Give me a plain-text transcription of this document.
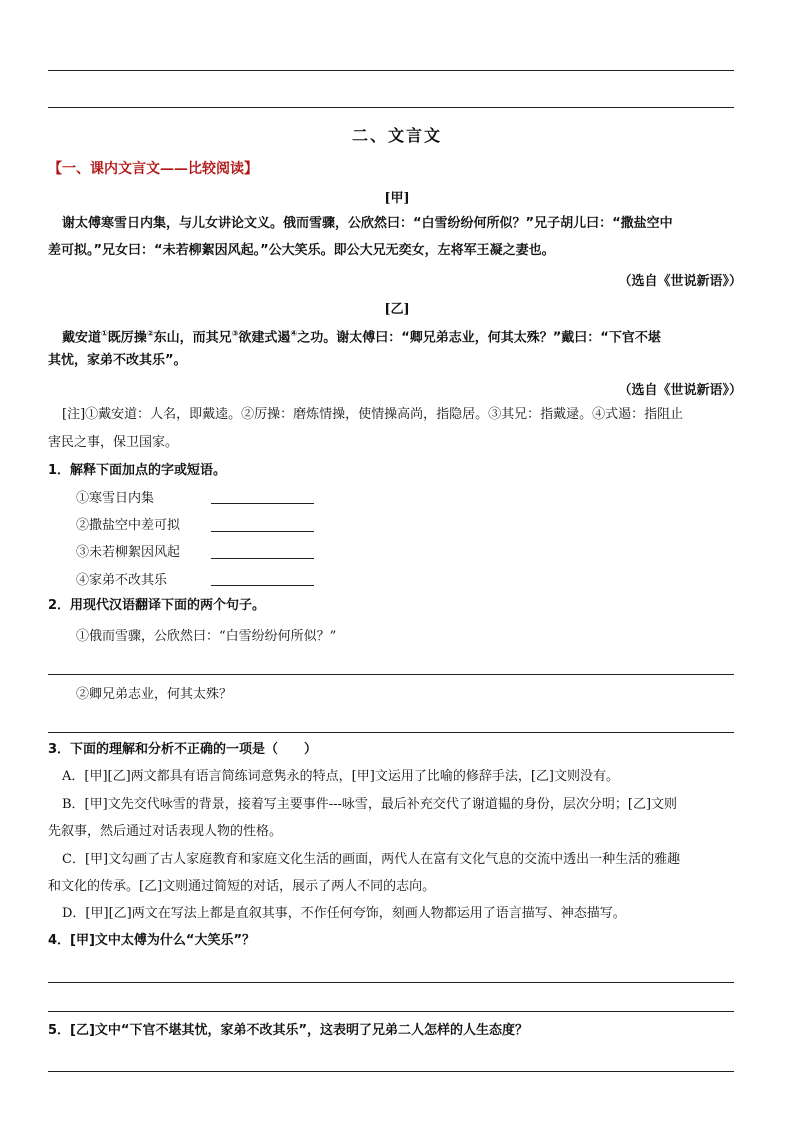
二、文言文
【一、课内文言文——比较阅读】
[甲]
谢太傅寒雪日内集，与儿女讲论文义。俄而雪骤，公欣然曰：“白雪纷纷何所似？”兄子胡儿曰：“撒盐空中
差可拟。”兄女曰：“未若柳絮因风起。”公大笑乐。即公大兄无奕女，左将军王凝之妻也。
（选自《世说新语》）
[乙]
戴安道①既厉操②东山，而其兄③欲建式遏④之功。谢太傅曰：“卿兄弟志业，何其太殊？”戴曰：“下官不堪
其忧，家弟不改其乐”。
（选自《世说新语》）
[注]①戴安道：人名，即戴逵。②厉操：磨炼情操，使情操高尚，指隐居。③其兄：指戴逯。④式遏：指阻止
害民之事，保卫国家。
1．解释下面加点的字或短语。
①寒雪日内集
②撒盐空中差可拟
③未若柳絮因风起
④家弟不改其乐
2．用现代汉语翻译下面的两个句子。
①俄而雪骤，公欣然曰：“白雪纷纷何所似？”
②卿兄弟志业，何其太殊？
3．下面的理解和分析不正确的一项是（　　）
A．[甲][乙]两文都具有语言简练词意隽永的特点，[甲]文运用了比喻的修辞手法，[乙]文则没有。
B．[甲]文先交代咏雪的背景，接着写主要事件---咏雪，最后补充交代了谢道韫的身份，层次分明；[乙]文则
先叙事，然后通过对话表现人物的性格。
C．[甲]文勾画了古人家庭教育和家庭文化生活的画面，两代人在富有文化气息的交流中透出一种生活的雅趣
和文化的传承。[乙]文则通过简短的对话，展示了两人不同的志向。
D．[甲][乙]两文在写法上都是直叙其事，不作任何夸饰，刻画人物都运用了语言描写、神态描写。
4．[甲]文中太傅为什么“大笑乐”？
5．[乙]文中“下官不堪其忧，家弟不改其乐”，这表明了兄弟二人怎样的人生态度？
